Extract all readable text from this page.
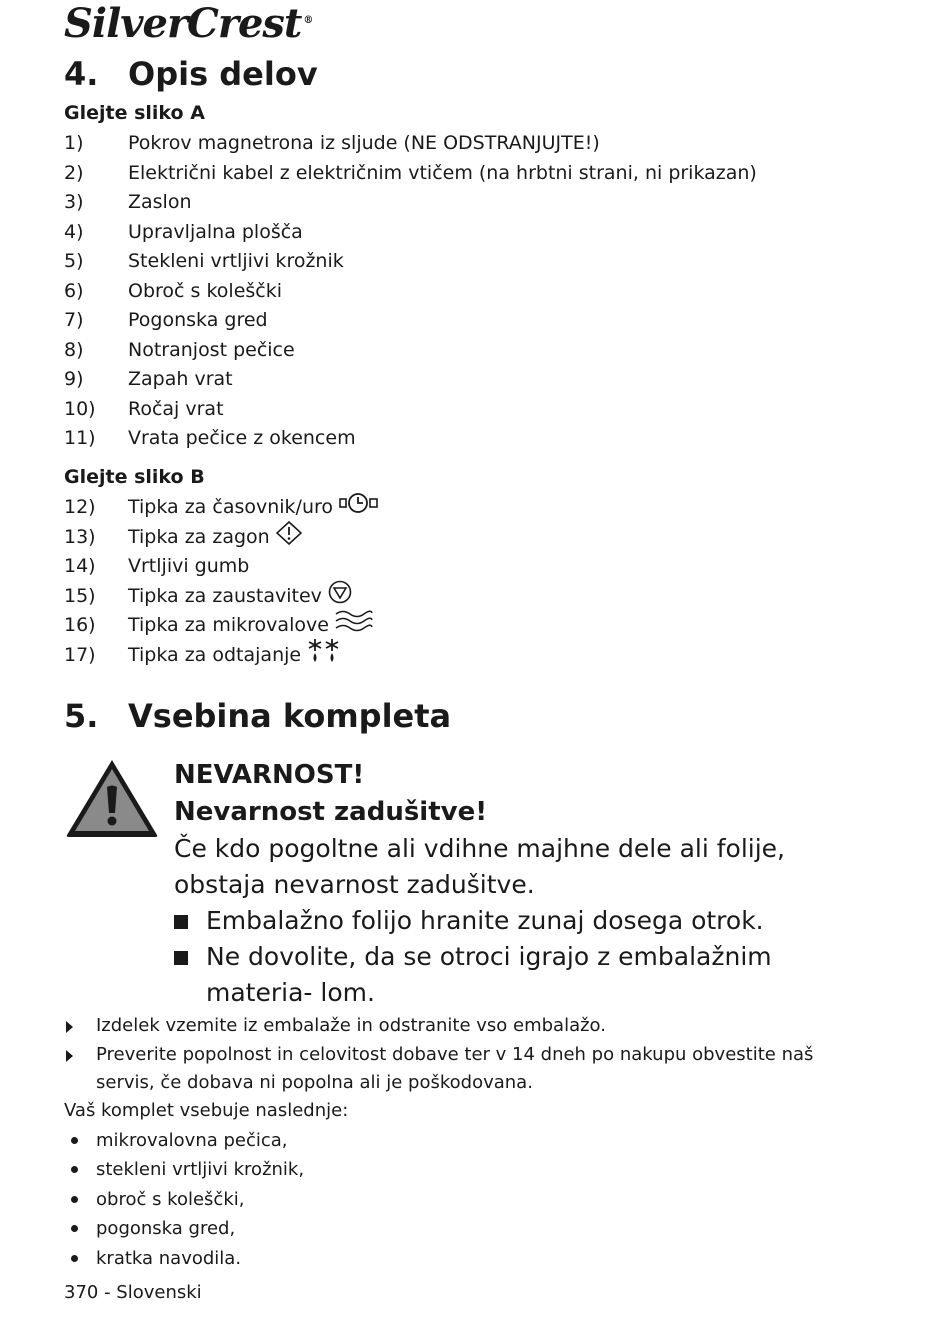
SilverCrest ®
4. Opis delov
Glejte sliko A
1)	Pokrov magnetrona iz sljude (NE ODSTRANJUJTE!)
2)	Električni kabel z električnim vtičem (na hrbtni strani, ni prikazan)
3)	Zaslon
4)	Upravljalna plošča
5)	Stekleni vrtljivi krožnik
6)	Obroč s koleščki
7)	Pogonska gred
8)	Notranjost pečice
9)	Zapah vrat
10)	Ročaj vrat
11)	Vrata pečice z okencem
Glejte sliko B
12)	Tipka za časovnik/uro
13)	Tipka za zagon
14)	Vrtljivi gumb
15)	Tipka za zaustavitev
16)	Tipka za mikrovalove
17)	Tipka za odtajanje
5. Vsebina kompleta
NEVARNOST!
Nevarnost zadušitve!
Če kdo pogoltne ali vdihne majhne dele ali folije, obstaja nevarnost zadušitve.
Embalažno folijo hranite zunaj dosega otrok.
Ne dovolite, da se otroci igrajo z embalažnim materia- lom.
Izdelek vzemite iz embalaže in odstranite vso embalažo.
Preverite popolnost in celovitost dobave ter v 14 dneh po nakupu obvestite naš servis, če dobava ni popolna ali je poškodovana.
Vaš komplet vsebuje naslednje:
mikrovalovna pečica,
stekleni vrtljivi krožnik,
obroč s koleščki,
pogonska gred,
kratka navodila.
370 - Slovenski
